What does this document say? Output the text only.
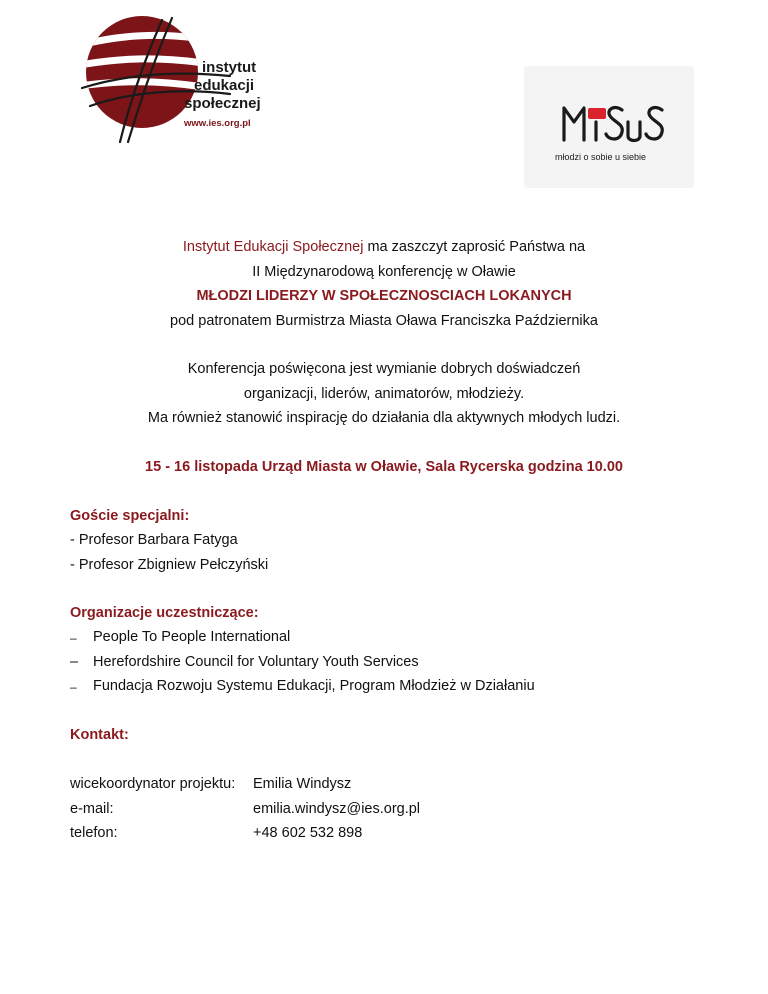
instytut
edukacji
społecznej
www.ies.org.pl
młodzi o sobie u siebie
Instytut Edukacji Społecznej ma zaszczyt zaprosić Państwa na
II Międzynarodową konferencję w Oławie
MŁODZI LIDERZY W SPOŁECZNOSCIACH LOKANYCH
pod patronatem Burmistrza Miasta Oława Franciszka Października
Konferencja poświęcona jest wymianie dobrych doświadczeń
organizacji, liderów, animatorów, młodzieży.
Ma również stanowić inspirację do działania dla aktywnych młodych ludzi.
15 - 16 listopada Urząd Miasta w Oławie, Sala Rycerska godzina 10.00
Goście specjalni:
- Profesor Barbara Fatyga
- Profesor Zbigniew Pełczyński
Organizacje uczestniczące:
– People To People International
– Herefordshire Council for Voluntary Youth Services
– Fundacja Rozwoju Systemu Edukacji, Program Młodzież w Działaniu
Kontakt:
wicekoordynator projektu: Emilia Windysz
e-mail:	emilia.windysz@ies.org.pl
telefon:	+48 602 532 898
